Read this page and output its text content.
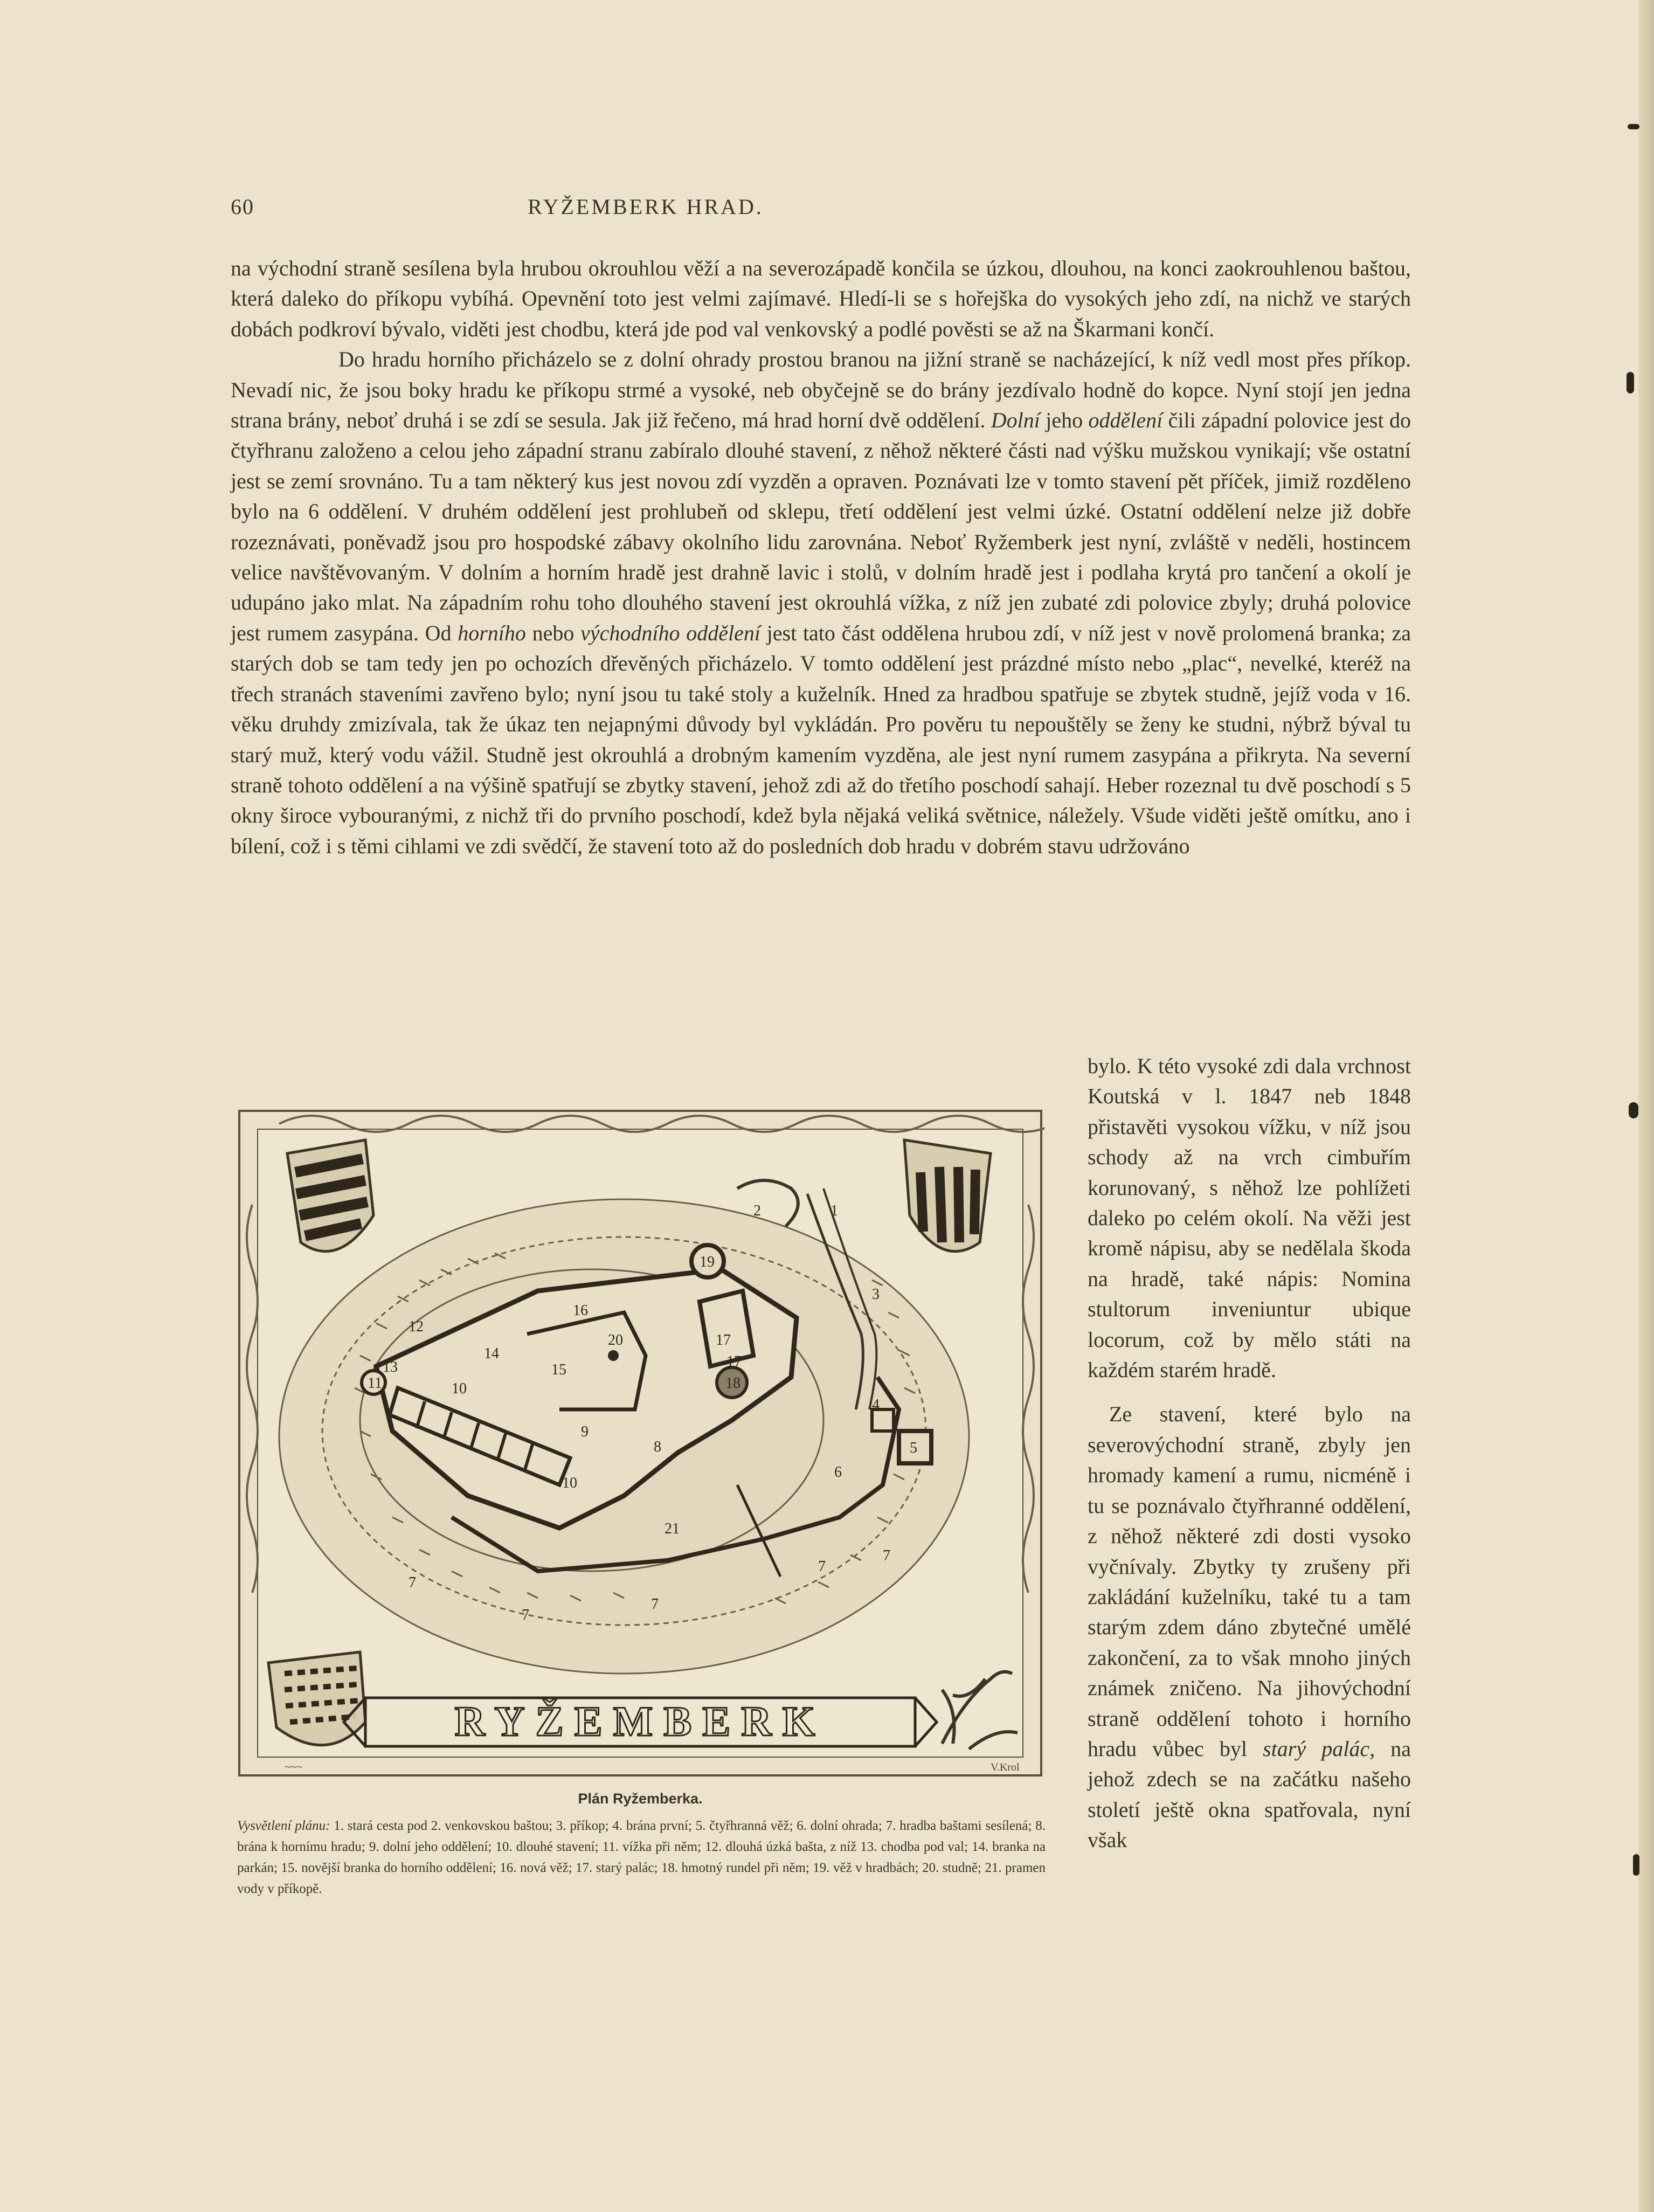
60	RYŽEMBERK HRAD.

na východní straně sesílena byla hrubou okrouhlou věží a na severozápadě končila se úzkou, dlouhou, na konci zaokrouhlenou baštou, která daleko do příkopu vybíhá. Opevnění toto jest velmi zajímavé. Hledí-li se s hořejška do vysokých jeho zdí, na nichž ve starých dobách podkroví bývalo, viděti jest chodbu, která jde pod val venkovský a podlé pověsti se až na Škarmani končí.

Do hradu horního přicházelo se z dolní ohrady prostou branou na jižní straně se nacházející, k níž vedl most přes příkop. Nevadí nic, že jsou boky hradu ke příkopu strmé a vysoké, neb obyčejně se do brány jezdívalo hodně do kopce. Nyní stojí jen jedna strana brány, neboť druhá i se zdí se sesula. Jak již řečeno, má hrad horní dvě oddělení. Dolní jeho oddělení čili západní polovice jest do čtyřhranu založeno a celou jeho západní stranu zabíralo dlouhé stavení, z něhož některé části nad výšku mužskou vynikají; vše ostatní jest se zemí srovnáno. Tu a tam některý kus jest novou zdí vyzděn a opraven. Poznávati lze v tomto stavení pět příček, jimiž rozděleno bylo na 6 oddělení. V druhém oddělení jest prohlubeň od sklepu, třetí oddělení jest velmi úzké. Ostatní oddělení nelze již dobře rozeznávati, poněvadž jsou pro hospodské zábavy okolního lidu zarovnána. Neboť Ryžemberk jest nyní, zvláště v neděli, hostincem velice navštěvovaným. V dolním a horním hradě jest drahně lavic i stolů, v dolním hradě jest i podlaha krytá pro tančení a okolí je udupáno jako mlat. Na západním rohu toho dlouhého stavení jest okrouhlá vížka, z níž jen zubaté zdi polovice zbyly; druhá polovice jest rumem zasypána. Od horního nebo východního oddělení jest tato část oddělena hrubou zdí, v níž jest v nově prolomená branka; za starých dob se tam tedy jen po ochozích dřevěných přicházelo. V tomto oddělení jest prázdné místo nebo „plac“, nevelké, kteréž na třech stranách staveními zavřeno bylo; nyní jsou tu také stoly a kuželník. Hned za hradbou spatřuje se zbytek studně, jejíž voda v 16. věku druhdy zmizívala, tak že úkaz ten nejapnými důvody byl vykládán. Pro pověru tu nepouštěly se ženy ke studni, nýbrž býval tu starý muž, který vodu vážil. Studně jest okrouhlá a drobným kamením vyzděna, ale jest nyní rumem zasypána a přikryta. Na severní straně tohoto oddělení a na výšině spatřují se zbytky stavení, jehož zdi až do třetího poschodí sahají. Heber rozeznal tu dvě poschodí s 5 okny široce vybouranými, z nichž tři do prvního poschodí, kdež byla nějaká veliká světnice, náležely. Všude viděti ještě omítku, ano i bílení, což i s těmi cihlami ve zdi svědčí, že stavení toto až do posledních dob hradu v dobrém stavu udržováno

1
2
3
4
5
6
7
7
7
7
7
8
9
10
10
11
12
13
14
15
16
17
17
18
19
20
21
RYŽEMBERK
~~~	V.Krol
Plán Ryžemberka.
Vysvětlení plánu: 1. stará cesta pod 2. venkovskou baštou; 3. příkop; 4. brána první; 5. čtyřhranná věž; 6. dolní ohrada; 7. hradba baštami sesílená; 8. brána k hornímu hradu; 9. dolní jeho oddělení; 10. dlouhé stavení; 11. vížka při něm; 12. dlouhá úzká bašta, z níž 13. chodba pod val; 14. branka na parkán; 15. novější branka do horního oddělení; 16. nová věž; 17. starý palác; 18. hmotný rundel při něm; 19. věž v hradbách; 20. studně; 21. pramen vody v příkopě.

bylo. K této vysoké zdi dala vrchnost Koutská v l. 1847 neb 1848 přistavěti vysokou vížku, v níž jsou schody až na vrch cimbuřím korunovaný, s něhož lze pohlížeti daleko po celém okolí. Na věži jest kromě nápisu, aby se nedělala škoda na hradě, také nápis: Nomina stultorum inveniuntur ubique locorum, což by mělo státi na každém starém hradě.

Ze stavení, které bylo na severovýchodní straně, zbyly jen hromady kamení a rumu, nicméně i tu se poznávalo čtyřhranné oddělení, z něhož některé zdi dosti vysoko vyčnívaly. Zbytky ty zrušeny při zakládání kuželníku, také tu a tam starým zdem dáno zbytečné umělé zakončení, za to však mnoho jiných známek zničeno. Na jihovýchodní straně oddělení tohoto i horního hradu vůbec byl starý palác, na jehož zdech se na začátku našeho století ještě okna spatřovala, nyní však
